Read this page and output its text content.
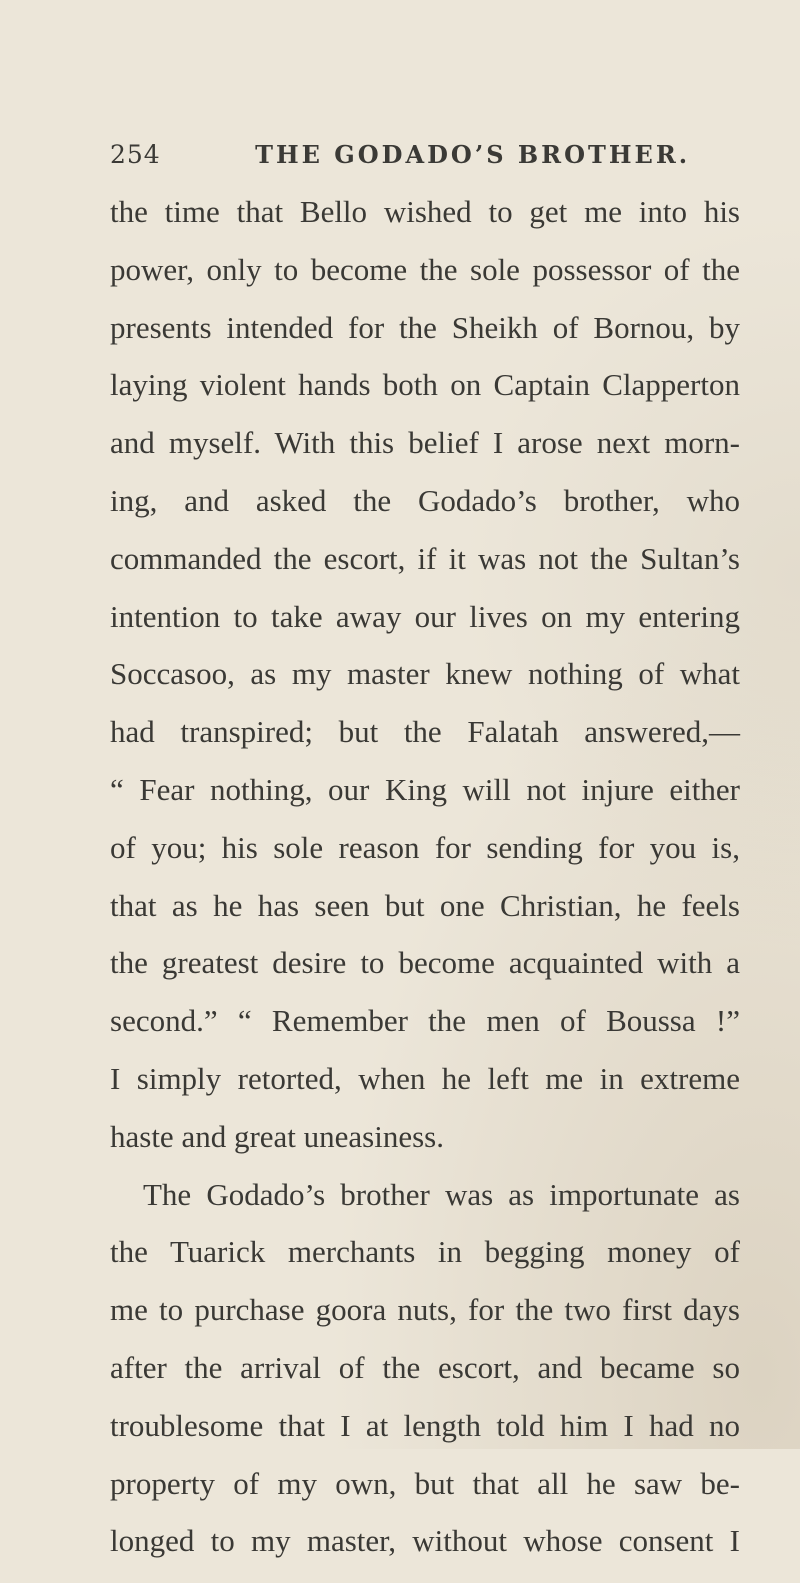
254	THE GODADO’S BROTHER.
the time that Bello wished to get me into his
power, only to become the sole possessor of the
presents intended for the Sheikh of Bornou, by
laying violent hands both on Captain Clapperton
and myself. With this belief I arose next morn-
ing, and asked the Godado’s brother, who
commanded the escort, if it was not the Sultan’s
intention to take away our lives on my entering
Soccasoo, as my master knew nothing of what
had transpired; but the Falatah answered,—
“ Fear nothing, our King will not injure either
of you; his sole reason for sending for you is,
that as he has seen but one Christian, he feels
the greatest desire to become acquainted with a
second.” “ Remember the men of Boussa !”
I simply retorted, when he left me in extreme
haste and great uneasiness.
The Godado’s brother was as importunate as
the Tuarick merchants in begging money of
me to purchase goora nuts, for the two first days
after the arrival of the escort, and became so
troublesome that I at length told him I had no
property of my own, but that all he saw be-
longed to my master, without whose consent I
